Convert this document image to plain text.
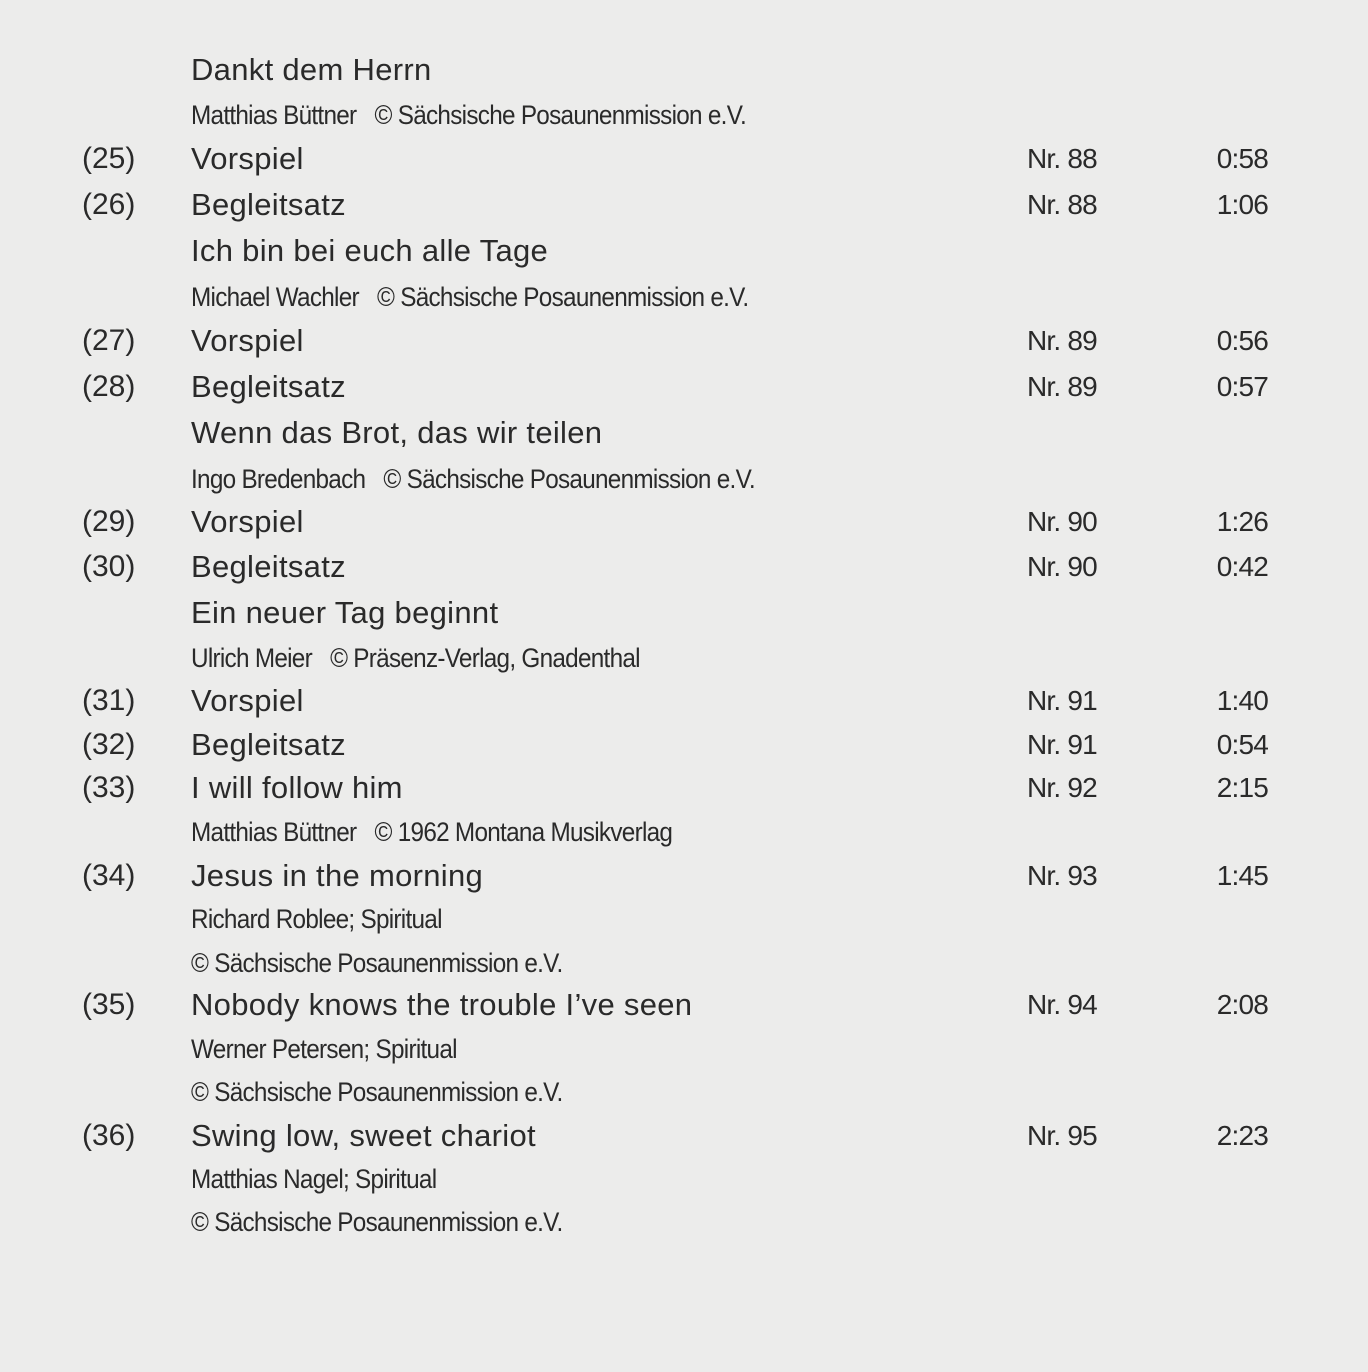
Dankt dem Herrn
Matthias Büttner   © Sächsische Posaunenmission e.V.
(25) Vorspiel	Nr. 88	0:58
(26) Begleitsatz	Nr. 88	1:06
Ich bin bei euch alle Tage
Michael Wachler   © Sächsische Posaunenmission e.V.
(27) Vorspiel	Nr. 89	0:56
(28) Begleitsatz	Nr. 89	0:57
Wenn das Brot, das wir teilen
Ingo Bredenbach   © Sächsische Posaunenmission e.V.
(29) Vorspiel	Nr. 90	1:26
(30) Begleitsatz	Nr. 90	0:42
Ein neuer Tag beginnt
Ulrich Meier   © Präsenz-Verlag, Gnadenthal
(31) Vorspiel	Nr. 91	1:40
(32) Begleitsatz	Nr. 91	0:54
(33) I will follow him	Nr. 92	2:15
Matthias Büttner   © 1962 Montana Musikverlag
(34) Jesus in the morning	Nr. 93	1:45
Richard Roblee; Spiritual
© Sächsische Posaunenmission e.V.
(35) Nobody knows the trouble I’ve seen	Nr. 94	2:08
Werner Petersen; Spiritual
© Sächsische Posaunenmission e.V.
(36) Swing low, sweet chariot	Nr. 95	2:23
Matthias Nagel; Spiritual
© Sächsische Posaunenmission e.V.
